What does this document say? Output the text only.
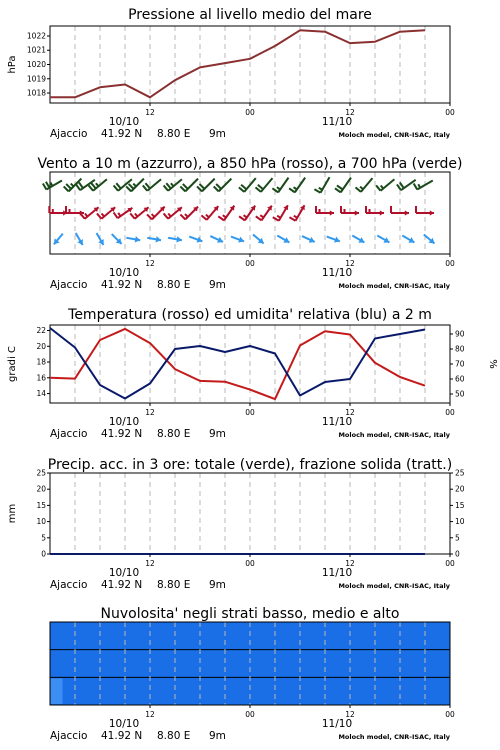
Pressione al livello medio del mare
1018
1019
1020
1021
1022
hPa
12	00	12	00
10/10	11/10
Ajaccio 41.92 N 8.80 E 9m	Moloch model, CNR-ISAC, Italy
Vento a 10 m (azzurro), a 850 hPa (rosso), a 700 hPa (verde)
12	00	12	00
10/10	11/10
Ajaccio 41.92 N 8.80 E 9m	Moloch model, CNR-ISAC, Italy
Temperatura (rosso) ed umidita' relativa (blu) a 2 m
14
16
18
20
22
50
60
70
80
90
gradi C	%
12	00	12	00
10/10	11/10
Ajaccio 41.92 N 8.80 E 9m	Moloch model, CNR-ISAC, Italy
Precip. acc. in 3 ore: totale (verde), frazione solida (tratt.)
0
5
10
15
20
25
0
5
10
15
20
25
mm
12	00	12	00
10/10	11/10
Ajaccio 41.92 N 8.80 E 9m	Moloch model, CNR-ISAC, Italy
Nuvolosita' negli strati basso, medio e alto
12	00	12	00
10/10	11/10
Ajaccio 41.92 N 8.80 E 9m	Moloch model, CNR-ISAC, Italy
